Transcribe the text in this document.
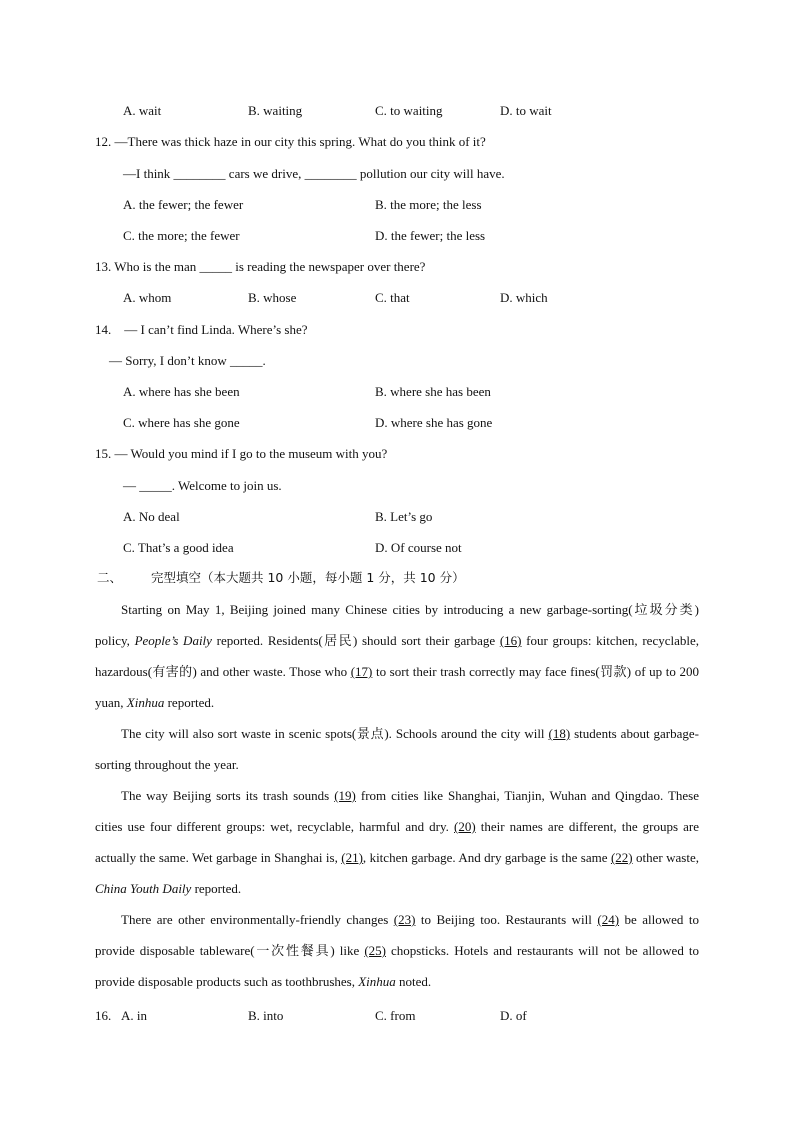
A. wait	B. waiting	C. to waiting	D. to wait
12. —There was thick haze in our city this spring. What do you think of it?
—I think ________ cars we drive, ________ pollution our city will have.
A. the fewer; the fewer	B. the more; the less
C. the more; the fewer	D. the fewer; the less
13. Who is the man _____ is reading the newspaper over there?
A. whom	B. whose	C. that	D. which
14.　— I can’t find Linda. Where’s she?
— Sorry, I don’t know _____.
A. where has she been	B. where she has been
C. where has she gone	D. where she has gone
15. — Would you mind if I go to the museum with you?
— _____. Welcome to join us.
A. No deal	B. Let’s go
C. That’s a good idea	D. Of course not
二、 完型填空（本大题共 10 小题，每小题 1 分，共 10 分）

Starting on May 1, Beijing joined many Chinese cities by introducing a new garbage-sorting(垃圾分类) policy, People’s Daily reported. Residents(居民) should sort their garbage (16) four groups: kitchen, recyclable, hazardous(有害的) and other waste. Those who (17) to sort their trash correctly may face fines(罚款) of up to 200 yuan, Xinhua reported.

The city will also sort waste in scenic spots(景点). Schools around the city will (18) students about garbage-sorting throughout the year.

The way Beijing sorts its trash sounds (19) from cities like Shanghai, Tianjin, Wuhan and Qingdao. These cities use four different groups: wet, recyclable, harmful and dry. (20) their names are different, the groups are actually the same. Wet garbage in Shanghai is, (21), kitchen garbage. And dry garbage is the same (22) other waste, China Youth Daily reported.

There are other environmentally-friendly changes (23) to Beijing too. Restaurants will (24) be allowed to provide disposable tableware(一次性餐具) like (25) chopsticks. Hotels and restaurants will not be allowed to provide disposable products such as toothbrushes, Xinhua noted.

16. A. in	B. into	C. from	D. of
